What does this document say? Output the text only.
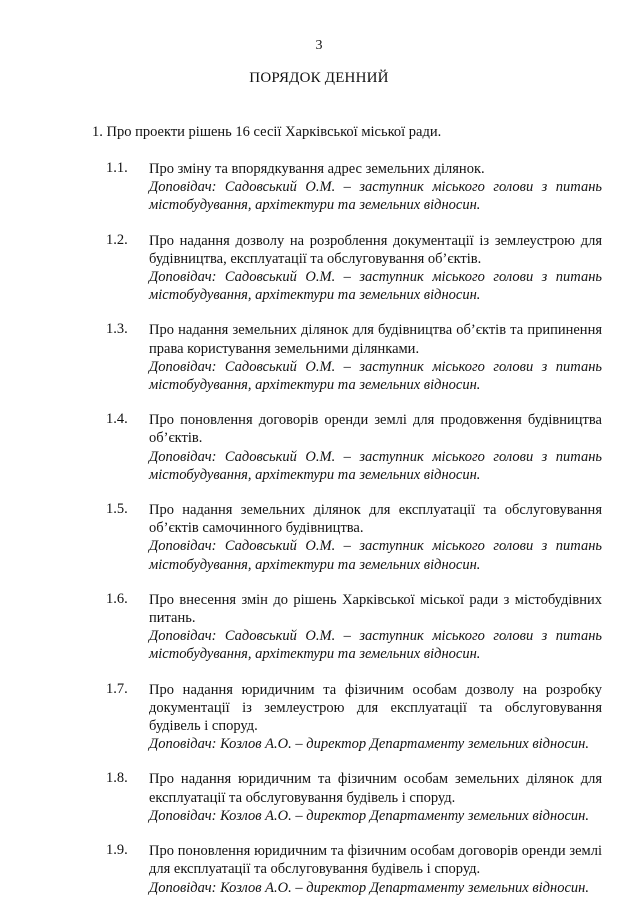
3
ПОРЯДОК ДЕННИЙ
1. Про проекти рішень 16 сесії Харківської міської ради.
1.1. Про зміну та впорядкування адрес земельних ділянок.
Доповідач: Садовський О.М. – заступник міського голови з питань містобудування, архітектури та земельних відносин.
1.2. Про надання дозволу на розроблення документації із землеустрою для будівництва, експлуатації та обслуговування об’єктів.
Доповідач: Садовський О.М. – заступник міського голови з питань містобудування, архітектури та земельних відносин.
1.3. Про надання земельних ділянок для будівництва об’єктів та припинення права користування земельними ділянками.
Доповідач: Садовський О.М. – заступник міського голови з питань містобудування, архітектури та земельних відносин.
1.4. Про поновлення договорів оренди землі для продовження будівництва об’єктів.
Доповідач: Садовський О.М. – заступник міського голови з питань містобудування, архітектури та земельних відносин.
1.5. Про надання земельних ділянок для експлуатації та обслуговування об’єктів самочинного будівництва.
Доповідач: Садовський О.М. – заступник міського голови з питань містобудування, архітектури та земельних відносин.
1.6. Про внесення змін до рішень Харківської міської ради з містобудівних питань.
Доповідач: Садовський О.М. – заступник міського голови з питань містобудування, архітектури та земельних відносин.
1.7. Про надання юридичним та фізичним особам дозволу на розробку документації із землеустрою для експлуатації та обслуговування будівель і споруд.
Доповідач: Козлов А.О. – директор Департаменту земельних відносин.
1.8. Про надання юридичним та фізичним особам земельних ділянок для експлуатації та обслуговування будівель і споруд.
Доповідач: Козлов А.О. – директор Департаменту земельних відносин.
1.9. Про поновлення юридичним та фізичним особам договорів оренди землі для експлуатації та обслуговування будівель і споруд.
Доповідач: Козлов А.О. – директор Департаменту земельних відносин.
